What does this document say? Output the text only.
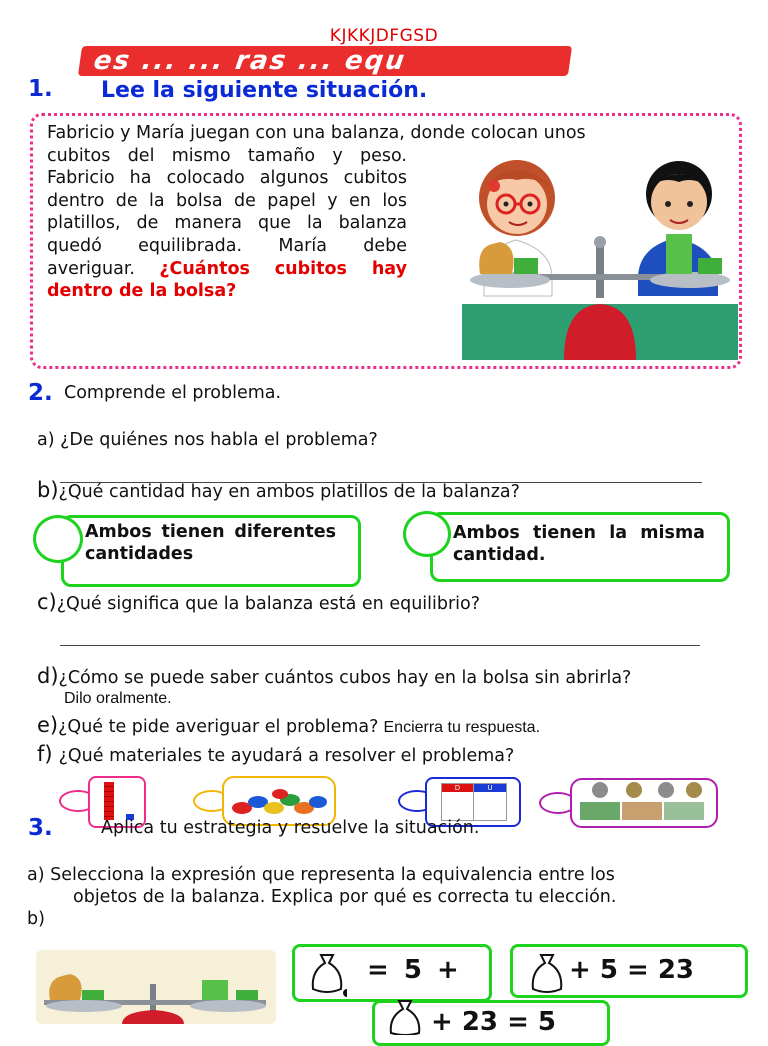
KJKKJDFGSD
es ... ... ras ... equ
1. Lee la siguiente situación.
Fabricio y María juegan con una balanza, donde colocan unos
cubitos del mismo tamaño y peso. Fabricio ha colocado algunos cubitos dentro de la bolsa de papel y en los platillos, de manera que la balanza quedó equilibrada. María debe averiguar. ¿Cuántos cubitos hay dentro de la bolsa?
2. Comprende el problema.
a) ¿De quiénes nos habla el problema?
b)¿Qué cantidad hay en ambos platillos de la balanza?
Ambos tienen diferentes cantidades
Ambos tienen la misma cantidad.
c)¿Qué significa que la balanza está en equilibrio?
d)¿Cómo se puede saber cuántos cubos hay en la bolsa sin abrirla?
Dilo oralmente.
e)¿Qué te pide averiguar el problema? Encierra tu respuesta.
f) ¿Qué materiales te ayudará a resolver el problema?
D	U
3.	Aplica tu estrategia y resuelve la situación.
a) Selecciona la expresión que representa la equivalencia entre los
objetos de la balanza. Explica por qué es correcta tu elección.
b)
= 5 +	+ 5 = 23
+ 23 = 5
